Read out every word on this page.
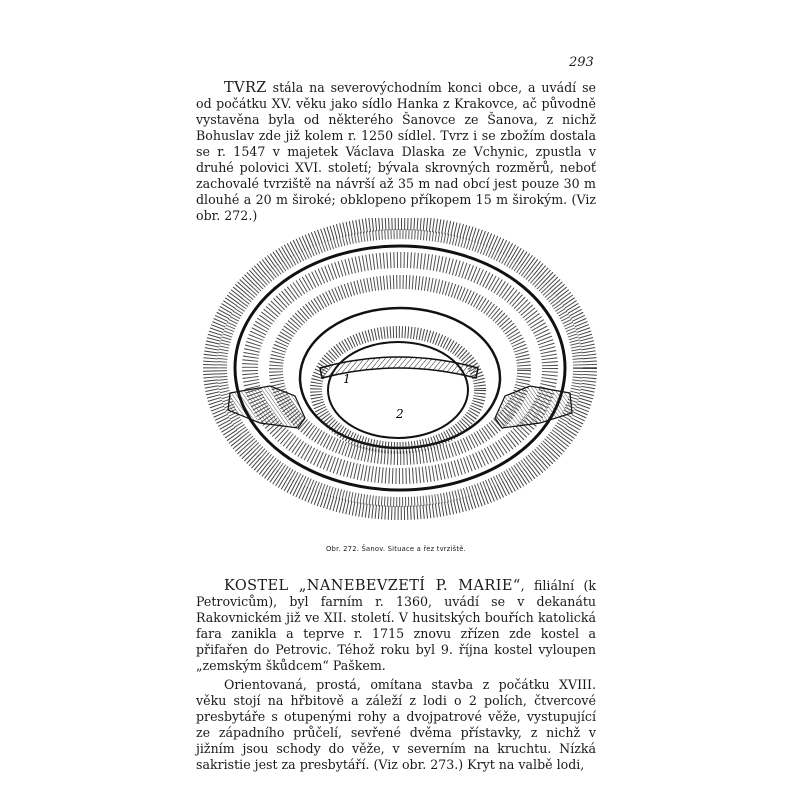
293

TVRZ stála na severovýchodním konci obce, a uvádí se od počátku XV. věku jako sídlo Hanka z Krakovce, ač původně vystavěna byla od některého Šanovce ze Šanova, z nichž Bohuslav zde již kolem r. 1250 sídlel. Tvrz i se zbožím dostala se r. 1547 v majetek Václava Dlaska ze Vchynic, zpustla v druhé polovici XVI. století; bývala skrovných rozměrů, neboť zachovalé tvrziště na návrší až 35 m nad obcí jest pouze 30 m dlouhé a 20 m široké; obklopeno příkopem 15 m širokým. (Viz obr. 272.)

1
2
Obr. 272. Šanov. Situace a řez tvrziště.

KOSTEL „NANEBEVZETÍ P. MARIE“, filiální (k Petrovicům), byl farním r. 1360, uvádí se v dekanátu Rakovnickém již ve XII. století. V husitských bouřích katolická fara zanikla a teprve r. 1715 znovu zřízen zde kostel a přifařen do Petrovic. Téhož roku byl 9. října kostel vyloupen „zemským škůdcem“ Paškem.

Orientovaná, prostá, omítana stavba z počátku XVIII. věku stojí na hřbitově a záleží z lodi o 2 polích, čtvercové presbytáře s otupenými rohy a dvojpatrové věže, vystupující ze západního průčelí, sevřené dvěma přístavky, z nichž v jižním jsou schody do věže, v severním na kruchtu. Nízká sakristie jest za presbytáří. (Viz obr. 273.) Kryt na valbě lodi,
